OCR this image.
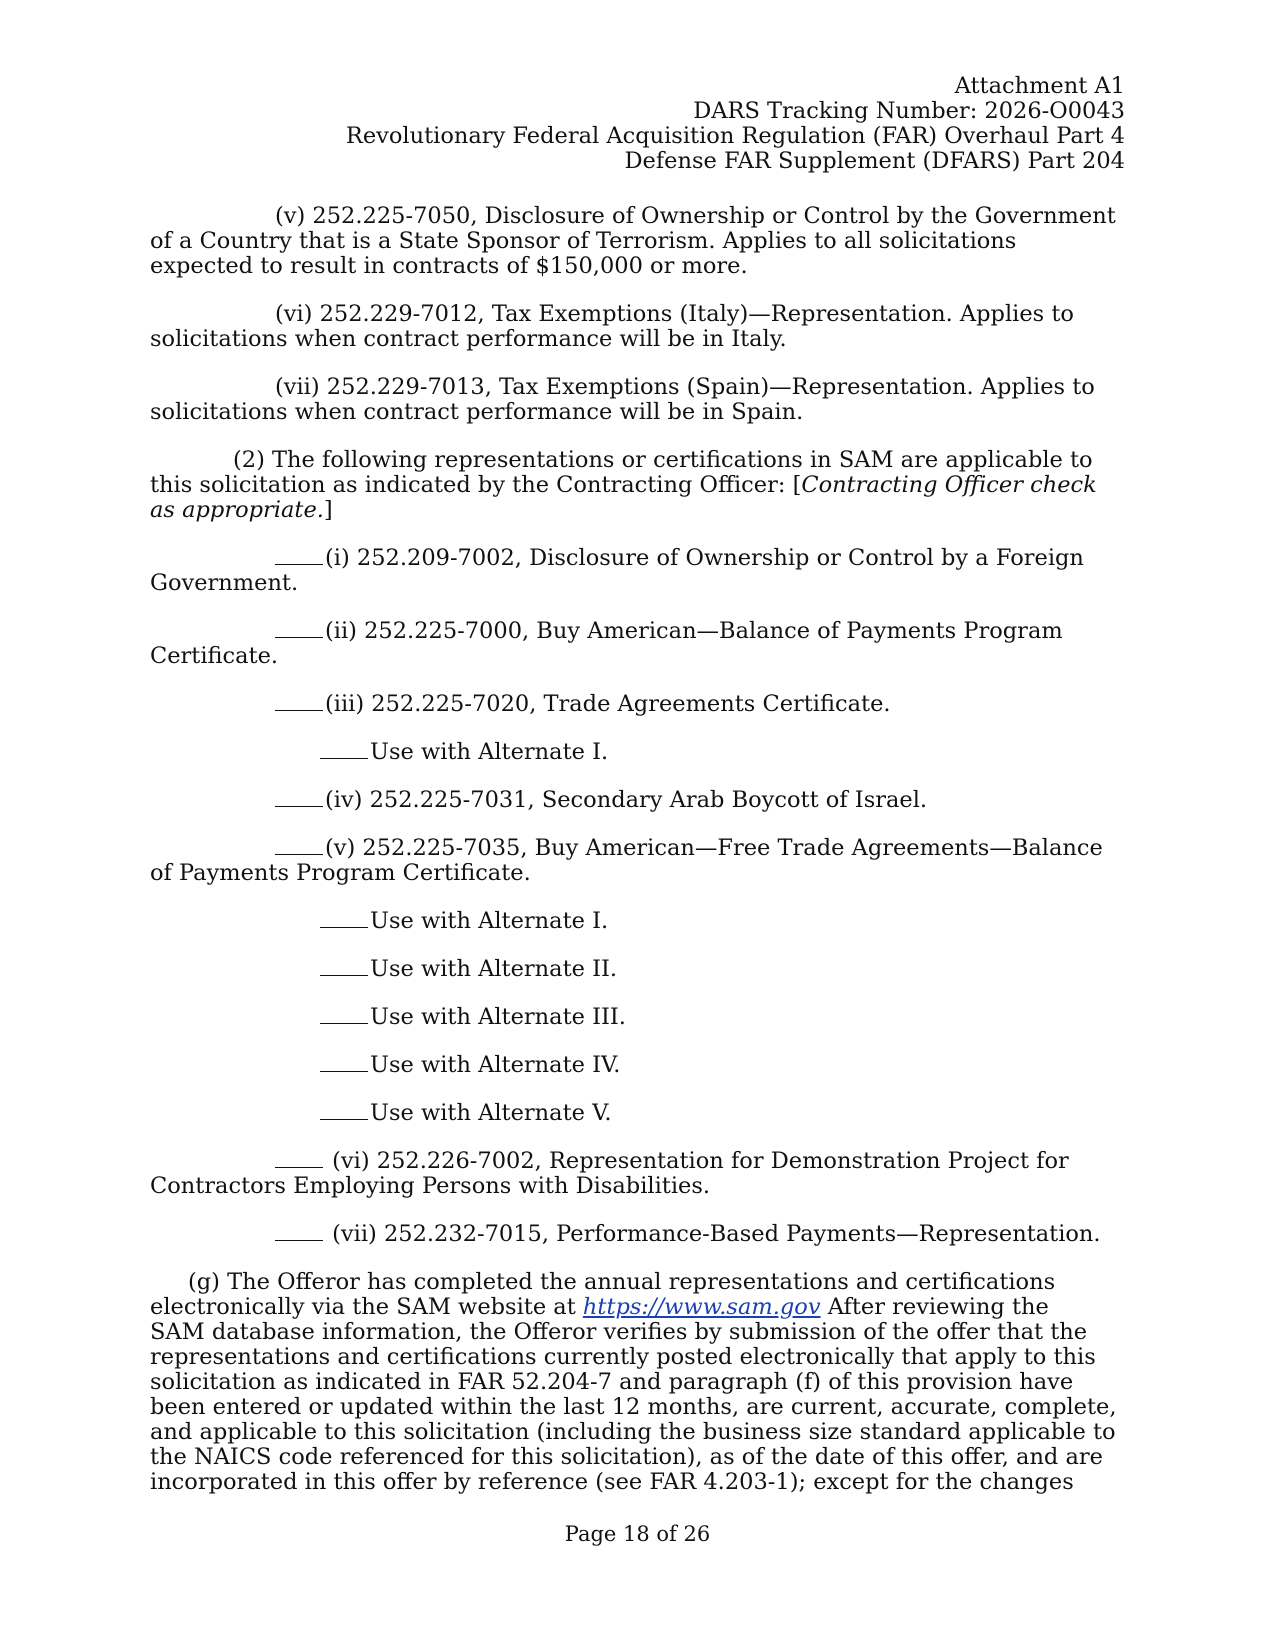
Attachment A1
DARS Tracking Number: 2026-O0043
Revolutionary Federal Acquisition Regulation (FAR) Overhaul Part 4
Defense FAR Supplement (DFARS) Part 204
(v) 252.225-7050, Disclosure of Ownership or Control by the Government
of a Country that is a State Sponsor of Terrorism. Applies to all solicitations
expected to result in contracts of $150,000 or more.
(vi) 252.229-7012, Tax Exemptions (Italy)—Representation. Applies to
solicitations when contract performance will be in Italy.
(vii) 252.229-7013, Tax Exemptions (Spain)—Representation. Applies to
solicitations when contract performance will be in Spain.
(2) The following representations or certifications in SAM are applicable to
this solicitation as indicated by the Contracting Officer: [Contracting Officer check
as appropriate.]
(i) 252.209-7002, Disclosure of Ownership or Control by a Foreign
Government.
(ii) 252.225-7000, Buy American—Balance of Payments Program
Certificate.
(iii) 252.225-7020, Trade Agreements Certificate.
Use with Alternate I.
(iv) 252.225-7031, Secondary Arab Boycott of Israel.
(v) 252.225-7035, Buy American—Free Trade Agreements—Balance
of Payments Program Certificate.
Use with Alternate I.
Use with Alternate II.
Use with Alternate III.
Use with Alternate IV.
Use with Alternate V.
(vi) 252.226-7002, Representation for Demonstration Project for
Contractors Employing Persons with Disabilities.
(vii) 252.232-7015, Performance-Based Payments—Representation.
(g) The Offeror has completed the annual representations and certifications
electronically via the SAM website at https://www.sam.gov After reviewing the
SAM database information, the Offeror verifies by submission of the offer that the
representations and certifications currently posted electronically that apply to this
solicitation as indicated in FAR 52.204-7 and paragraph (f) of this provision have
been entered or updated within the last 12 months, are current, accurate, complete,
and applicable to this solicitation (including the business size standard applicable to
the NAICS code referenced for this solicitation), as of the date of this offer, and are
incorporated in this offer by reference (see FAR 4.203-1); except for the changes
Page 18 of 26
